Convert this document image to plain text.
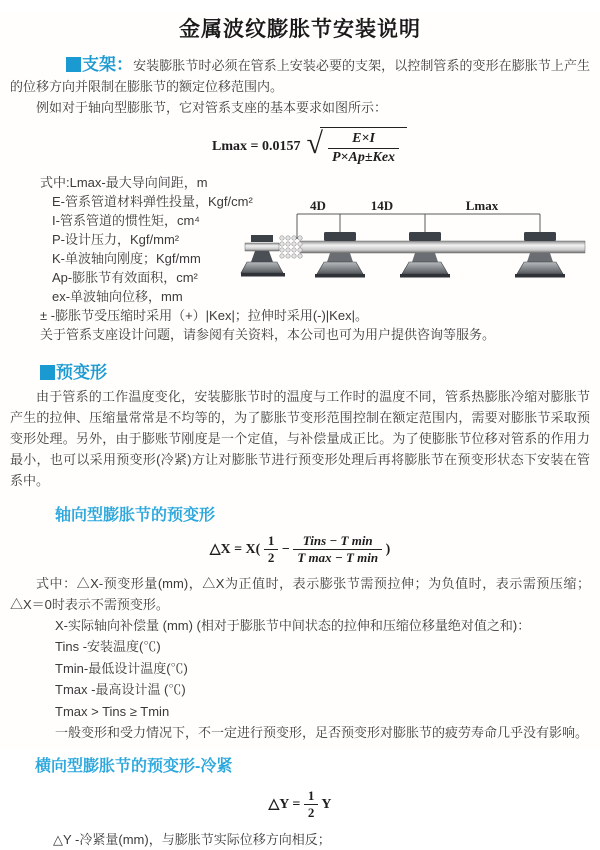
金属波纹膨胀节安装说明

支架：安装膨胀节时必须在管系上安装必要的支架，以控制管系的变形在膨胀节上产生的位移方向并限制在膨胀节的额定位移范围内。

例如对于轴向型膨胀节，它对管系支座的基本要求如图所示：

Lmax = 0.0157 √ $\frac{E\times I}{\text{P×Ap±Kex}}$
式中:Lmax-最大导向间距，m
E-管系管道材料弹性投量，Kgf/cm²
I-管系管道的惯性矩，cm⁴
P-设计压力，Kgf/mm²
K-单波轴向刚度；Kgf/mm
Ap-膨胀节有效面积，cm²
ex-单波轴向位移，mm
4D	14D	Lmax
± -膨胀节受压缩时采用（+）|Kex|；拉伸时采用(-)|Kex|。
关于管系支座设计问题，请参阅有关资料，本公司也可为用户提供咨询等服务。
预变形

由于管系的工作温度变化，安装膨胀节时的温度与工作时的温度不同，管系热膨胀冷缩对膨胀节产生的拉伸、压缩量常常是不均等的，为了膨胀节变形范围控制在额定范围内，需要对膨胀节采取预变形处理。另外，由于膨账节刚度是一个定值，与补偿量成正比。为了使膨胀节位移对管系的作用力最小，也可以采用预变形(冷紧)方让对膨胀节进行预变形处理后再将膨胀节在预变形状态下安装在管系中。

轴向型膨胀节的预变形
△X = $X( \frac{1}{2} - \frac{\text{Tins − T min}}{\text{T max − T min}}$ )

式中：△X-预变形量(mm)，△X为正值时，表示膨张节需预拉伸；为负值时，表示需预压缩；△X＝0时表示不需预变形。

X-实际轴向补偿量 (mm) (相对于膨胀节中间状态的拉伸和压缩位移量绝对值之和)：
Tins -安装温度(℃)
Tmin-最低设计温度(℃)
Tmax -最高设计温 (℃)
Tmax > Tins ≥ Tmin
一般变形和受力情况下，不一定进行预变形，足否预变形对膨胀节的疲劳寿命几乎没有影响。
横向型膨胀节的预变形-冷紧
△Y = $\frac{1}{2}$ Y
△Y -冷紧量(mm)，与膨胀节实际位移方向相反；
